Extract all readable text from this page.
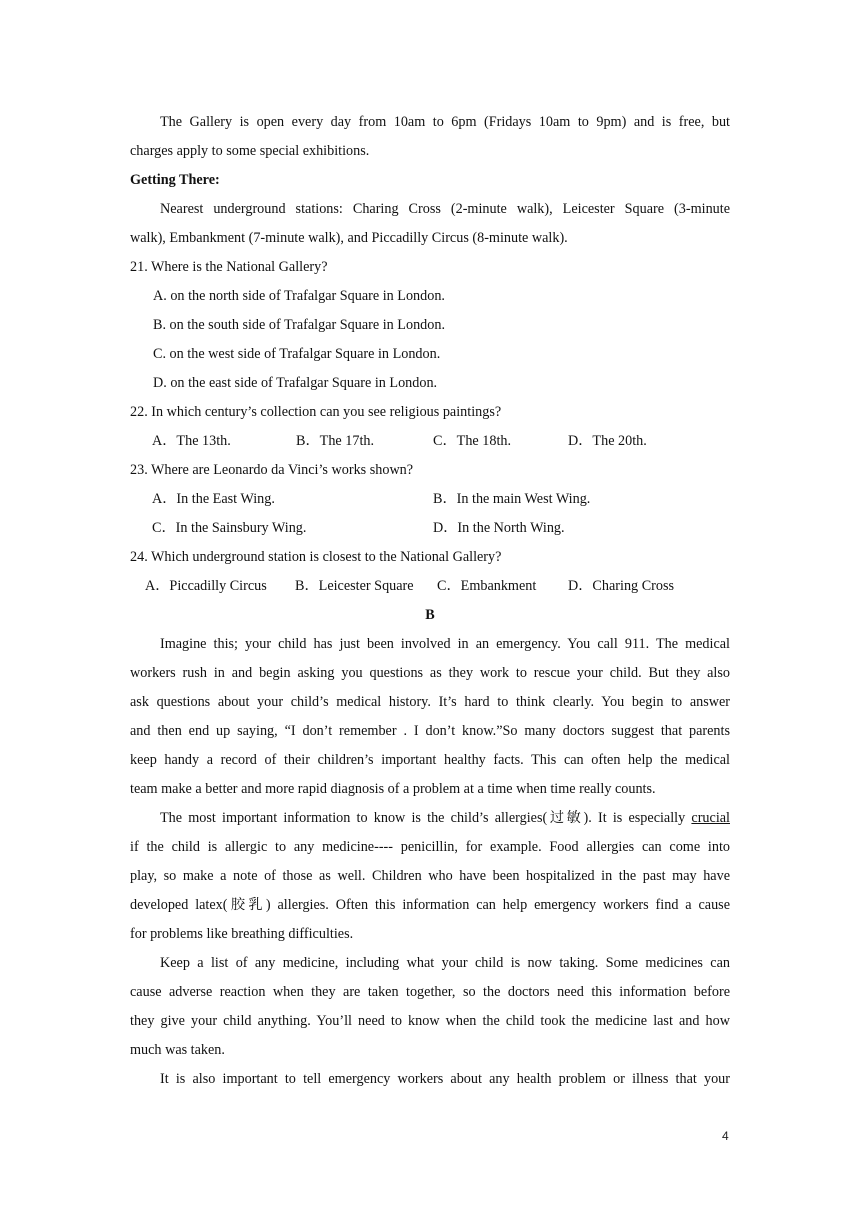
The Gallery is open every day from 10am to 6pm (Fridays 10am to 9pm) and is free, but
charges apply to some special exhibitions.
Getting There:
Nearest underground stations: Charing Cross (2-minute walk), Leicester Square (3-minute
walk), Embankment (7-minute walk), and Piccadilly Circus (8-minute walk).
21. Where is the National Gallery?
A. on the north side of Trafalgar Square in London.
B. on the south side of Trafalgar Square in London.
C. on the west side of Trafalgar Square in London.
D. on the east side of Trafalgar Square in London.
22. In which century’s collection can you see religious paintings?
A．The 13th.	B．The 17th.	C．The 18th.	D．The 20th.
23. Where are Leonardo da Vinci’s works shown?
A．In the East Wing.	B．In the main West Wing.
C．In the Sainsbury Wing.	D．In the North Wing.
24. Which underground station is closest to the National Gallery?
A．Piccadilly Circus B．Leicester Square C．Embankment D．Charing Cross
B
Imagine this; your child has just been involved in an emergency. You call 911. The medical
workers rush in and begin asking you questions as they work to rescue your child. But they also
ask questions about your child’s medical history. It’s hard to think clearly. You begin to answer
and then end up saying, “I don’t remember . I don’t know.”So many doctors suggest that parents
keep handy a record of their children’s important healthy facts. This can often help the medical
team make a better and more rapid diagnosis of a problem at a time when time really counts.
The most important information to know is the child’s allergies(过敏). It is especially crucial
if the child is allergic to any medicine---- penicillin, for example. Food allergies can come into
play, so make a note of those as well. Children who have been hospitalized in the past may have
developed latex(胶乳) allergies. Often this information can help emergency workers find a cause
for problems like breathing difficulties.
Keep a list of any medicine, including what your child is now taking. Some medicines can
cause adverse reaction when they are taken together, so the doctors need this information before
they give your child anything. You’ll need to know when the child took the medicine last and how
much was taken.
It is also important to tell emergency workers about any health problem or illness that your
4
